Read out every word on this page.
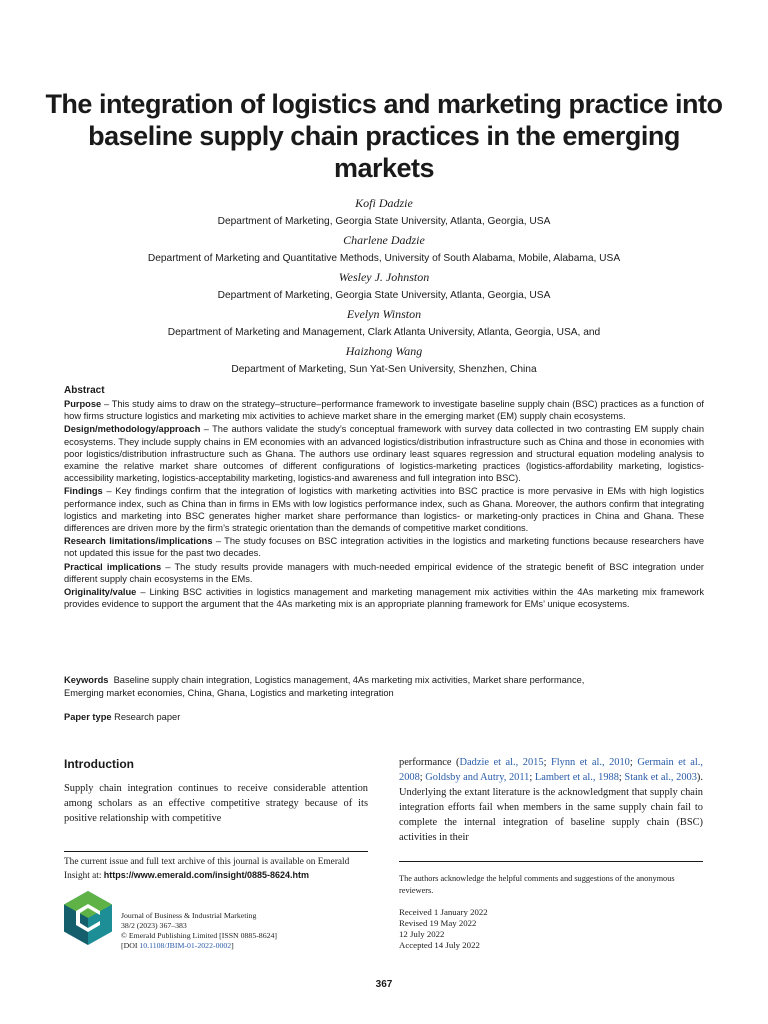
The integration of logistics and marketing practice into baseline supply chain practices in the emerging markets
Kofi Dadzie
Department of Marketing, Georgia State University, Atlanta, Georgia, USA
Charlene Dadzie
Department of Marketing and Quantitative Methods, University of South Alabama, Mobile, Alabama, USA
Wesley J. Johnston
Department of Marketing, Georgia State University, Atlanta, Georgia, USA
Evelyn Winston
Department of Marketing and Management, Clark Atlanta University, Atlanta, Georgia, USA, and
Haizhong Wang
Department of Marketing, Sun Yat-Sen University, Shenzhen, China
Abstract

Purpose – This study aims to draw on the strategy–structure–performance framework to investigate baseline supply chain (BSC) practices as a function of how firms structure logistics and marketing mix activities to achieve market share in the emerging market (EM) supply chain ecosystems.

Design/methodology/approach – The authors validate the study’s conceptual framework with survey data collected in two contrasting EM supply chain ecosystems. They include supply chains in EM economies with an advanced logistics/distribution infrastructure such as China and those in economies with poor logistics/distribution infrastructure such as Ghana. The authors use ordinary least squares regression and structural equation modeling analysis to examine the relative market share outcomes of different configurations of logistics-marketing practices (logistics-affordability marketing, logistics-accessibility marketing, logistics-acceptability marketing, logistics-and awareness and full integration into BSC).

Findings – Key findings confirm that the integration of logistics with marketing activities into BSC practice is more pervasive in EMs with high logistics performance index, such as China than in firms in EMs with low logistics performance index, such as Ghana. Moreover, the authors confirm that integrating logistics and marketing into BSC generates higher market share performance than logistics- or marketing-only practices in China and Ghana. These differences are driven more by the firm’s strategic orientation than the demands of competitive market conditions.

Research limitations/implications – The study focuses on BSC integration activities in the logistics and marketing functions because researchers have not updated this issue for the past two decades.

Practical implications – The study results provide managers with much-needed empirical evidence of the strategic benefit of BSC integration under different supply chain ecosystems in the EMs.

Originality/value – Linking BSC activities in logistics management and marketing management mix activities within the 4As marketing mix framework provides evidence to support the argument that the 4As marketing mix is an appropriate planning framework for EMs’ unique ecosystems.

Keywords Baseline supply chain integration, Logistics management, 4As marketing mix activities, Market share performance,
Emerging market economies, China, Ghana, Logistics and marketing integration
Paper type Research paper
Introduction
Supply chain integration continues to receive considerable attention among scholars as an effective competitive strategy because of its positive relationship with competitive
performance (Dadzie et al., 2015; Flynn et al., 2010; Germain et al., 2008; Goldsby and Autry, 2011; Lambert et al., 1988; Stank et al., 2003). Underlying the extant literature is the acknowledgment that supply chain integration efforts fail when members in the same supply chain fail to complete the internal integration of baseline supply chain (BSC) activities in their
The current issue and full text archive of this journal is available on Emerald Insight at: https://www.emerald.com/insight/0885-8624.htm
Journal of Business & Industrial Marketing
38/2 (2023) 367–383
© Emerald Publishing Limited [ISSN 0885-8624]
[DOI 10.1108/JBIM-01-2022-0002]
The authors acknowledge the helpful comments and suggestions of the anonymous reviewers.
Received 1 January 2022
Revised 19 May 2022
12 July 2022
Accepted 14 July 2022
367
